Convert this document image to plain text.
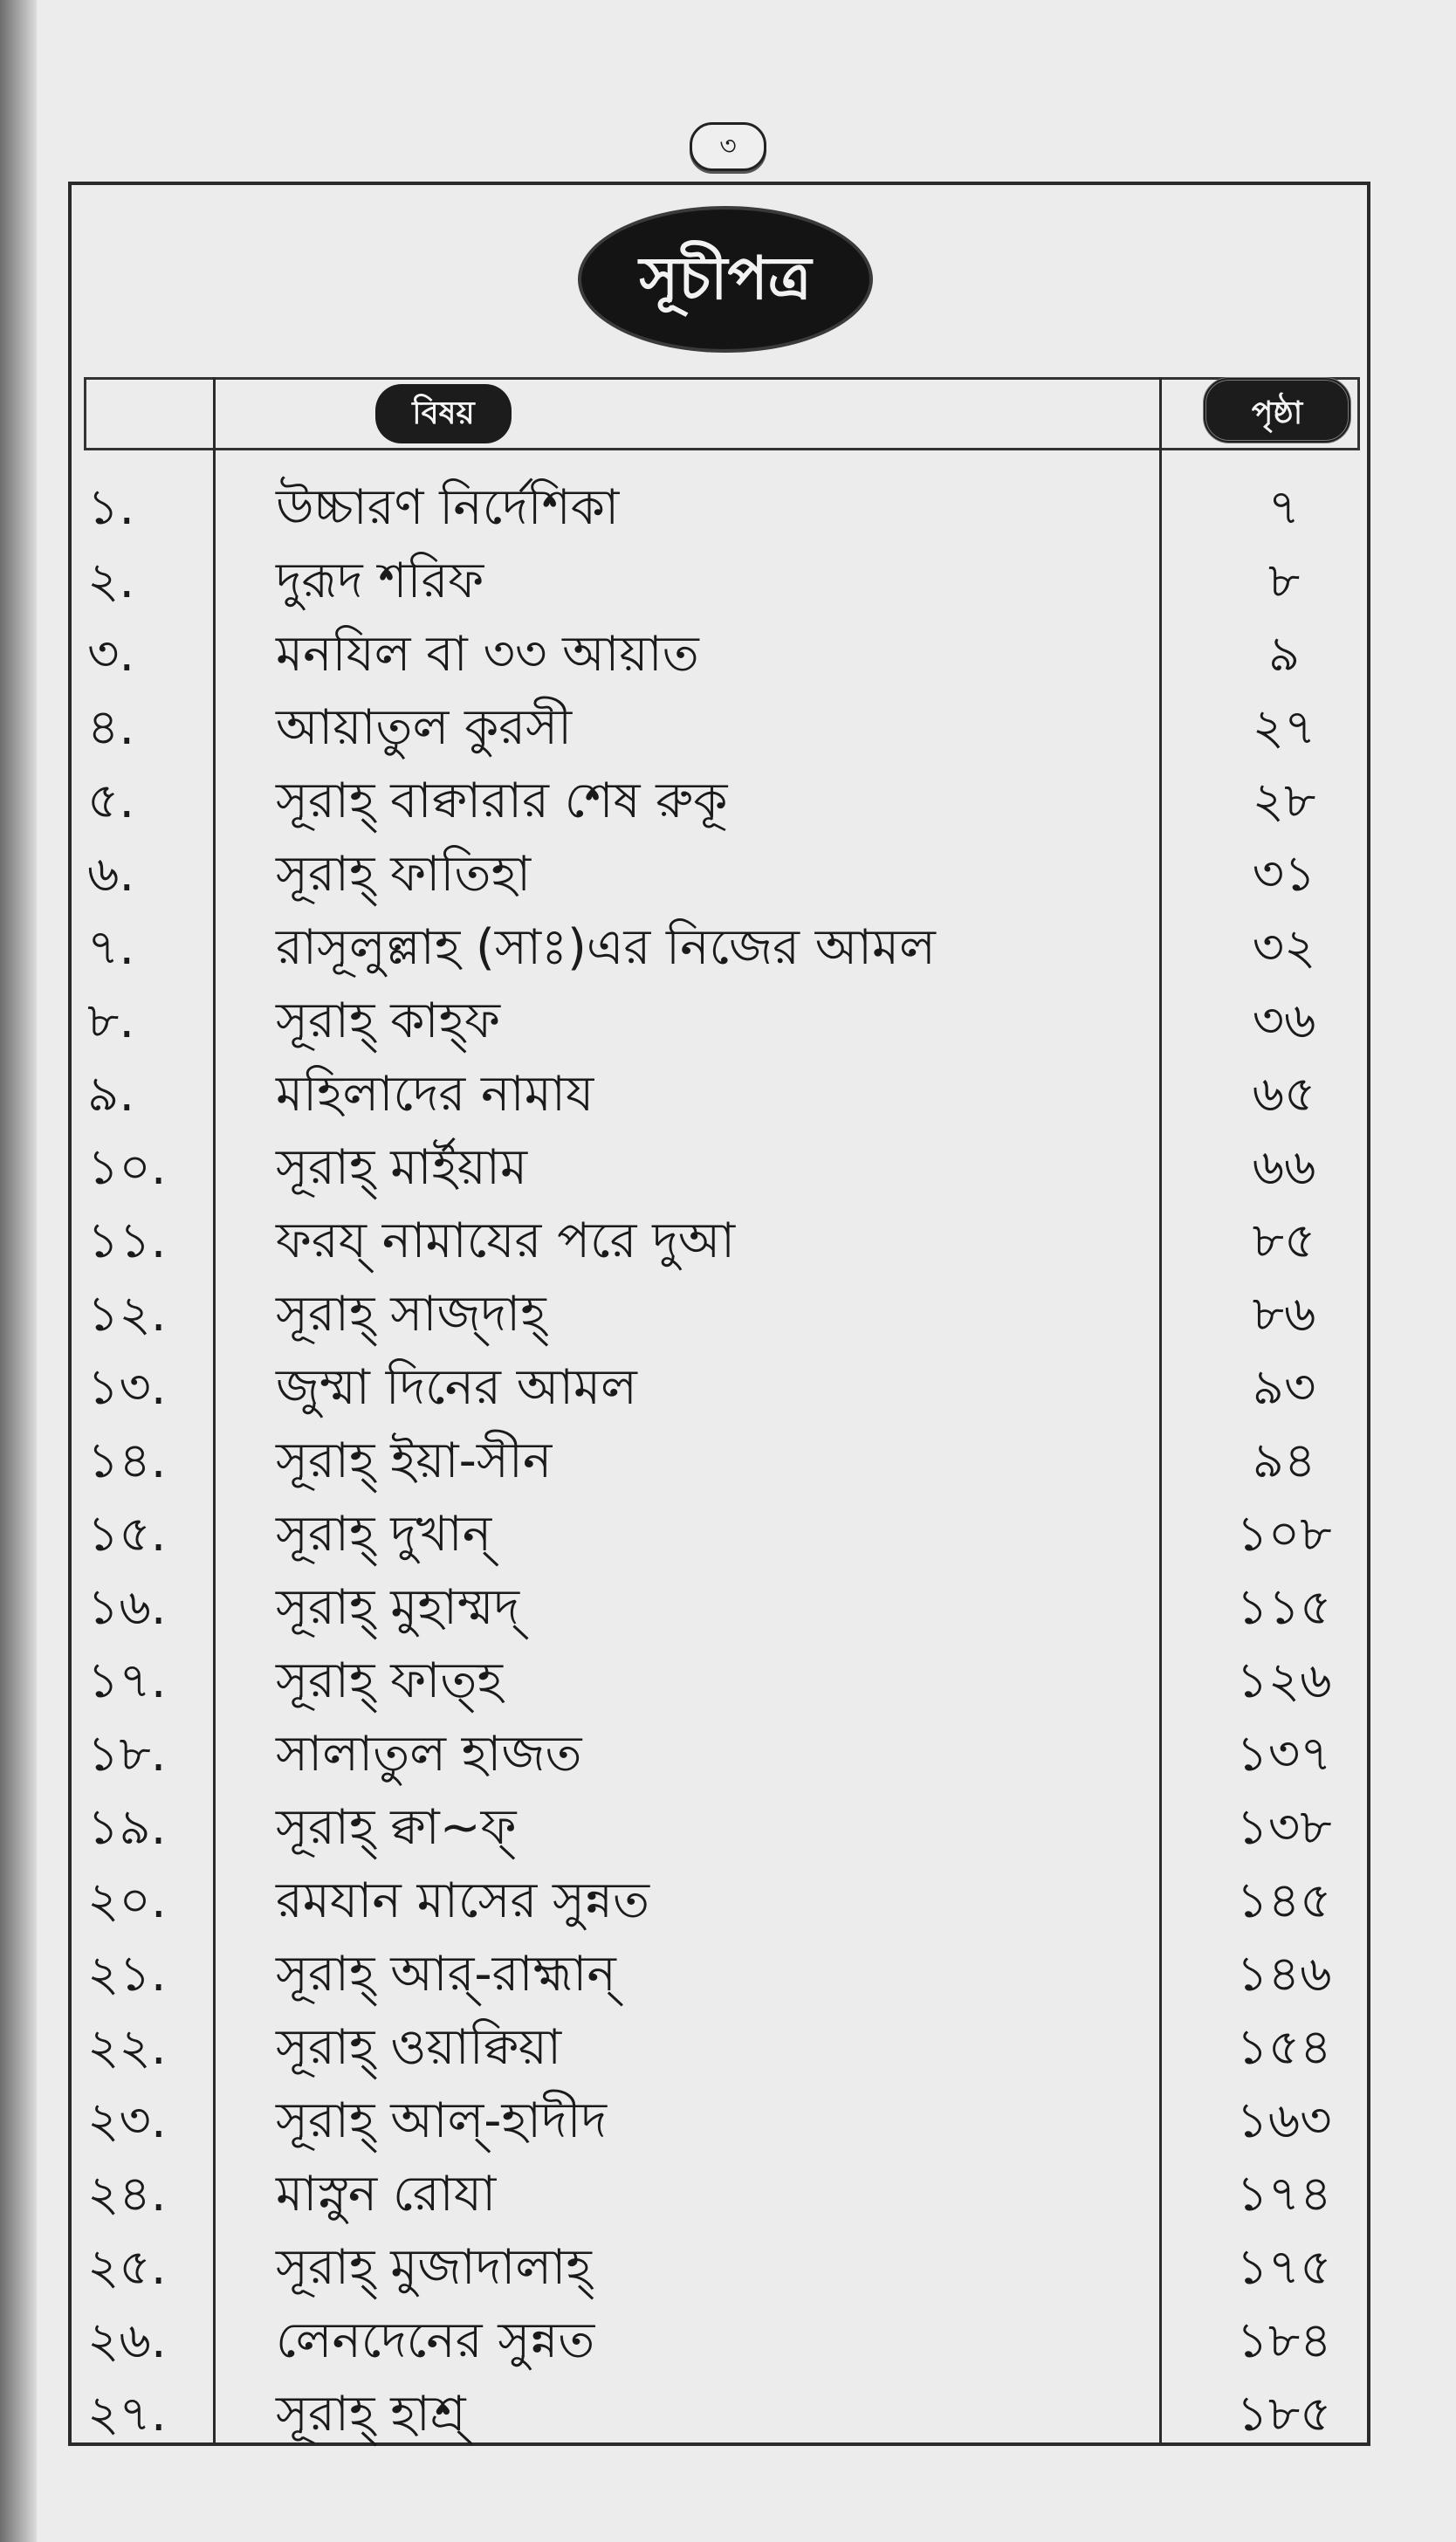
৩
সূচীপত্র
বিষয়	পৃষ্ঠা
১.	উচ্চারণ নির্দেশিকা	৭
২.	দুরূদ শরিফ	৮
৩.	মনযিল বা ৩৩ আয়াত	৯
৪.	আয়াতুল কুরসী	২৭
৫.	সূরাহ্ বাক্বারার শেষ রুকূ	২৮
৬.	সূরাহ্ ফাতিহা	৩১
৭.	রাসূলুল্লাহ (সাঃ)এর নিজের আমল	৩২
৮.	সূরাহ্ কাহ্ফ	৩৬
৯.	মহিলাদের নামায	৬৫
১০.	সূরাহ্ মার্ইয়াম	৬৬
১১.	ফরয্ নামাযের পরে দুআ	৮৫
১২.	সূরাহ্ সাজ্দাহ্	৮৬
১৩.	জুম্মা দিনের আমল	৯৩
১৪.	সূরাহ্ ইয়া-সীন	৯৪
১৫.	সূরাহ্ দুখান্	১০৮
১৬.	সূরাহ্ মুহাম্মদ্	১১৫
১৭.	সূরাহ্ ফাত্হ	১২৬
১৮.	সালাতুল হাজত	১৩৭
১৯.	সূরাহ্ ক্বা~ফ্	১৩৮
২০.	রমযান মাসের সুন্নত	১৪৫
২১.	সূরাহ্ আর্-রাহ্মান্	১৪৬
২২.	সূরাহ্ ওয়াক্বিয়া	১৫৪
২৩.	সূরাহ্ আল্-হাদীদ	১৬৩
২৪.	মাস্নুন রোযা	১৭৪
২৫.	সূরাহ্ মুজাদালাহ্	১৭৫
২৬.	লেনদেনের সুন্নত	১৮৪
২৭.	সূরাহ্ হাশ্র্	১৮৫
